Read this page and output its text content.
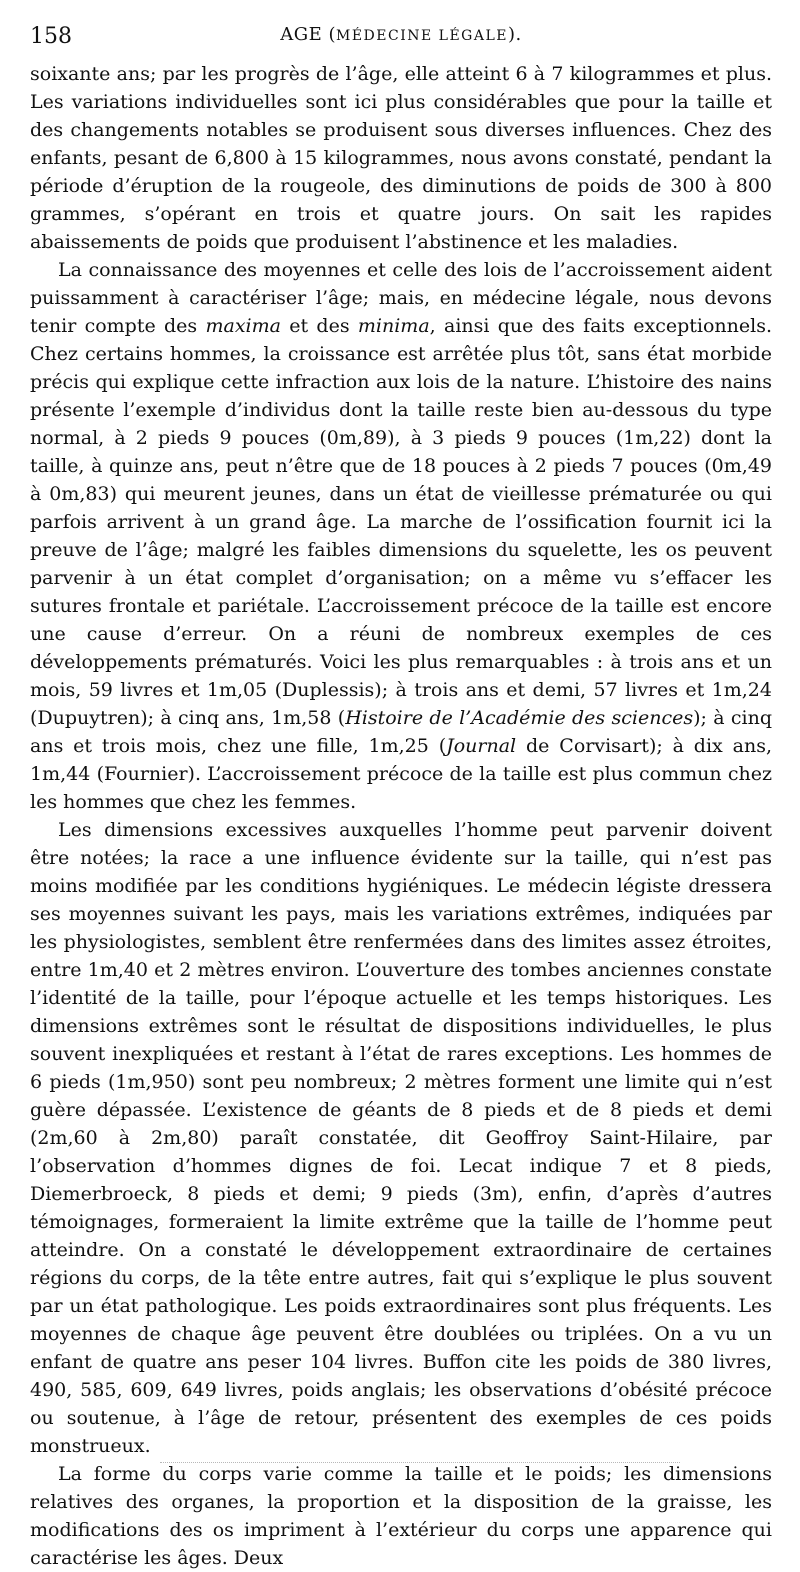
158	AGE (MÉDECINE LÉGALE).

soixante ans; par les progrès de l’âge, elle atteint 6 à 7 kilogrammes et plus. Les variations individuelles sont ici plus considérables que pour la taille et des changements notables se produisent sous diverses influences. Chez des enfants, pesant de 6,800 à 15 kilogrammes, nous avons constaté, pendant la période d’éruption de la rougeole, des diminutions de poids de 300 à 800 grammes, s’opérant en trois et quatre jours. On sait les rapides abaissements de poids que produisent l’abstinence et les maladies.

La connaissance des moyennes et celle des lois de l’accroissement aident puissamment à caractériser l’âge; mais, en médecine légale, nous devons tenir compte des maxima et des minima, ainsi que des faits exceptionnels. Chez certains hommes, la croissance est arrêtée plus tôt, sans état morbide précis qui explique cette infraction aux lois de la nature. L’histoire des nains présente l’exemple d’individus dont la taille reste bien au-dessous du type normal, à 2 pieds 9 pouces (0m,89), à 3 pieds 9 pouces (1m,22) dont la taille, à quinze ans, peut n’être que de 18 pouces à 2 pieds 7 pouces (0m,49 à 0m,83) qui meurent jeunes, dans un état de vieillesse prématurée ou qui parfois arrivent à un grand âge. La marche de l’ossification fournit ici la preuve de l’âge; malgré les faibles dimensions du squelette, les os peuvent parvenir à un état complet d’organisation; on a même vu s’effacer les sutures frontale et pariétale. L’accroissement précoce de la taille est encore une cause d’erreur. On a réuni de nombreux exemples de ces développements prématurés. Voici les plus remarquables : à trois ans et un mois, 59 livres et 1m,05 (Duplessis); à trois ans et demi, 57 livres et 1m,24 (Dupuytren); à cinq ans, 1m,58 (Histoire de l’Académie des sciences); à cinq ans et trois mois, chez une fille, 1m,25 (Journal de Corvisart); à dix ans, 1m,44 (Fournier). L’accroissement précoce de la taille est plus commun chez les hommes que chez les femmes.

Les dimensions excessives auxquelles l’homme peut parvenir doivent être notées; la race a une influence évidente sur la taille, qui n’est pas moins modifiée par les conditions hygiéniques. Le médecin légiste dressera ses moyennes suivant les pays, mais les variations extrêmes, indiquées par les physiologistes, semblent être renfermées dans des limites assez étroites, entre 1m,40 et 2 mètres environ. L’ouverture des tombes anciennes constate l’identité de la taille, pour l’époque actuelle et les temps historiques. Les dimensions extrêmes sont le résultat de dispositions individuelles, le plus souvent inexpliquées et restant à l’état de rares exceptions. Les hommes de 6 pieds (1m,950) sont peu nombreux; 2 mètres forment une limite qui n’est guère dépassée. L’existence de géants de 8 pieds et de 8 pieds et demi (2m,60 à 2m,80) paraît constatée, dit Geoffroy Saint-Hilaire, par l’observation d’hommes dignes de foi. Lecat indique 7 et 8 pieds, Diemerbroeck, 8 pieds et demi; 9 pieds (3m), enfin, d’après d’autres témoignages, formeraient la limite extrême que la taille de l’homme peut atteindre. On a constaté le développement extraordinaire de certaines régions du corps, de la tête entre autres, fait qui s’explique le plus souvent par un état pathologique. Les poids extraordinaires sont plus fréquents. Les moyennes de chaque âge peuvent être doublées ou triplées. On a vu un enfant de quatre ans peser 104 livres. Buffon cite les poids de 380 livres, 490, 585, 609, 649 livres, poids anglais; les observations d’obésité précoce ou soutenue, à l’âge de retour, présentent des exemples de ces poids monstrueux.

La forme du corps varie comme la taille et le poids; les dimensions relatives des organes, la proportion et la disposition de la graisse, les modifications des os impriment à l’extérieur du corps une apparence qui caractérise les âges. Deux
